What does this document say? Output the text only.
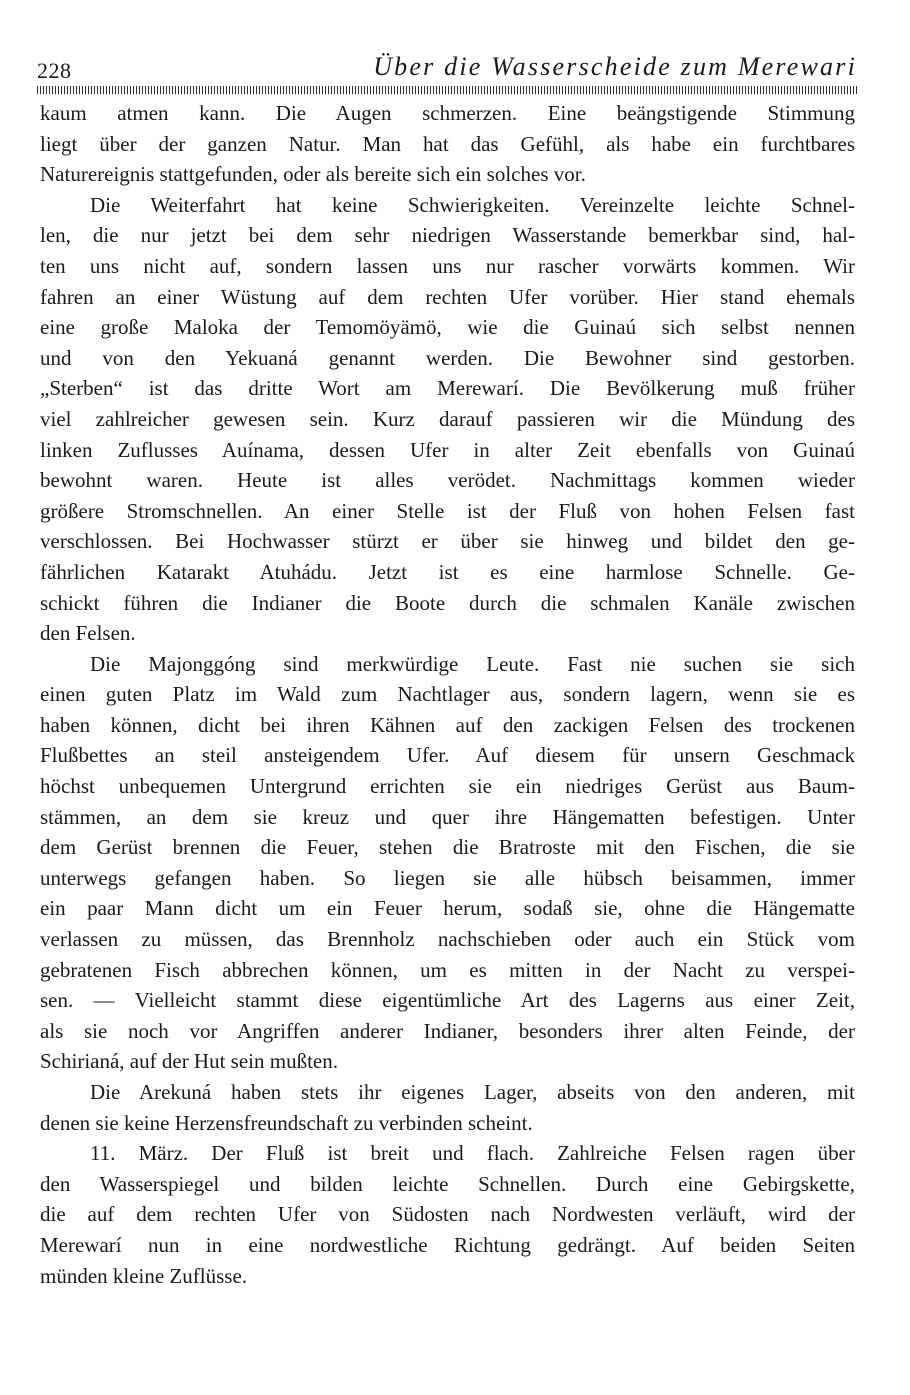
228	Über die Wasserscheide zum Merewari
kaum atmen kann. Die Augen schmerzen. Eine beängstigende Stimmung
liegt über der ganzen Natur. Man hat das Gefühl, als habe ein furchtbares
Naturereignis stattgefunden, oder als bereite sich ein solches vor.
Die Weiterfahrt hat keine Schwierigkeiten. Vereinzelte leichte Schnel-
len, die nur jetzt bei dem sehr niedrigen Wasserstande bemerkbar sind, hal-
ten uns nicht auf, sondern lassen uns nur rascher vorwärts kommen. Wir
fahren an einer Wüstung auf dem rechten Ufer vorüber. Hier stand ehemals
eine große Maloka der Temomöyämö, wie die Guinaú sich selbst nennen
und von den Yekuaná genannt werden. Die Bewohner sind gestorben.
„Sterben“ ist das dritte Wort am Merewarí. Die Bevölkerung muß früher
viel zahlreicher gewesen sein. Kurz darauf passieren wir die Mündung des
linken Zuflusses Auínama, dessen Ufer in alter Zeit ebenfalls von Guinaú
bewohnt waren. Heute ist alles verödet. Nachmittags kommen wieder
größere Stromschnellen. An einer Stelle ist der Fluß von hohen Felsen fast
verschlossen. Bei Hochwasser stürzt er über sie hinweg und bildet den ge-
fährlichen Katarakt Atuhádu. Jetzt ist es eine harmlose Schnelle. Ge-
schickt führen die Indianer die Boote durch die schmalen Kanäle zwischen
den Felsen.
Die Majonggóng sind merkwürdige Leute. Fast nie suchen sie sich
einen guten Platz im Wald zum Nachtlager aus, sondern lagern, wenn sie es
haben können, dicht bei ihren Kähnen auf den zackigen Felsen des trockenen
Flußbettes an steil ansteigendem Ufer. Auf diesem für unsern Geschmack
höchst unbequemen Untergrund errichten sie ein niedriges Gerüst aus Baum-
stämmen, an dem sie kreuz und quer ihre Hängematten befestigen. Unter
dem Gerüst brennen die Feuer, stehen die Bratroste mit den Fischen, die sie
unterwegs gefangen haben. So liegen sie alle hübsch beisammen, immer
ein paar Mann dicht um ein Feuer herum, sodaß sie, ohne die Hängematte
verlassen zu müssen, das Brennholz nachschieben oder auch ein Stück vom
gebratenen Fisch abbrechen können, um es mitten in der Nacht zu verspei-
sen. — Vielleicht stammt diese eigentümliche Art des Lagerns aus einer Zeit,
als sie noch vor Angriffen anderer Indianer, besonders ihrer alten Feinde, der
Schirianá, auf der Hut sein mußten.
Die Arekuná haben stets ihr eigenes Lager, abseits von den anderen, mit
denen sie keine Herzensfreundschaft zu verbinden scheint.
11. März. Der Fluß ist breit und flach. Zahlreiche Felsen ragen über
den Wasserspiegel und bilden leichte Schnellen. Durch eine Gebirgskette,
die auf dem rechten Ufer von Südosten nach Nordwesten verläuft, wird der
Merewarí nun in eine nordwestliche Richtung gedrängt. Auf beiden Seiten
münden kleine Zuflüsse.
